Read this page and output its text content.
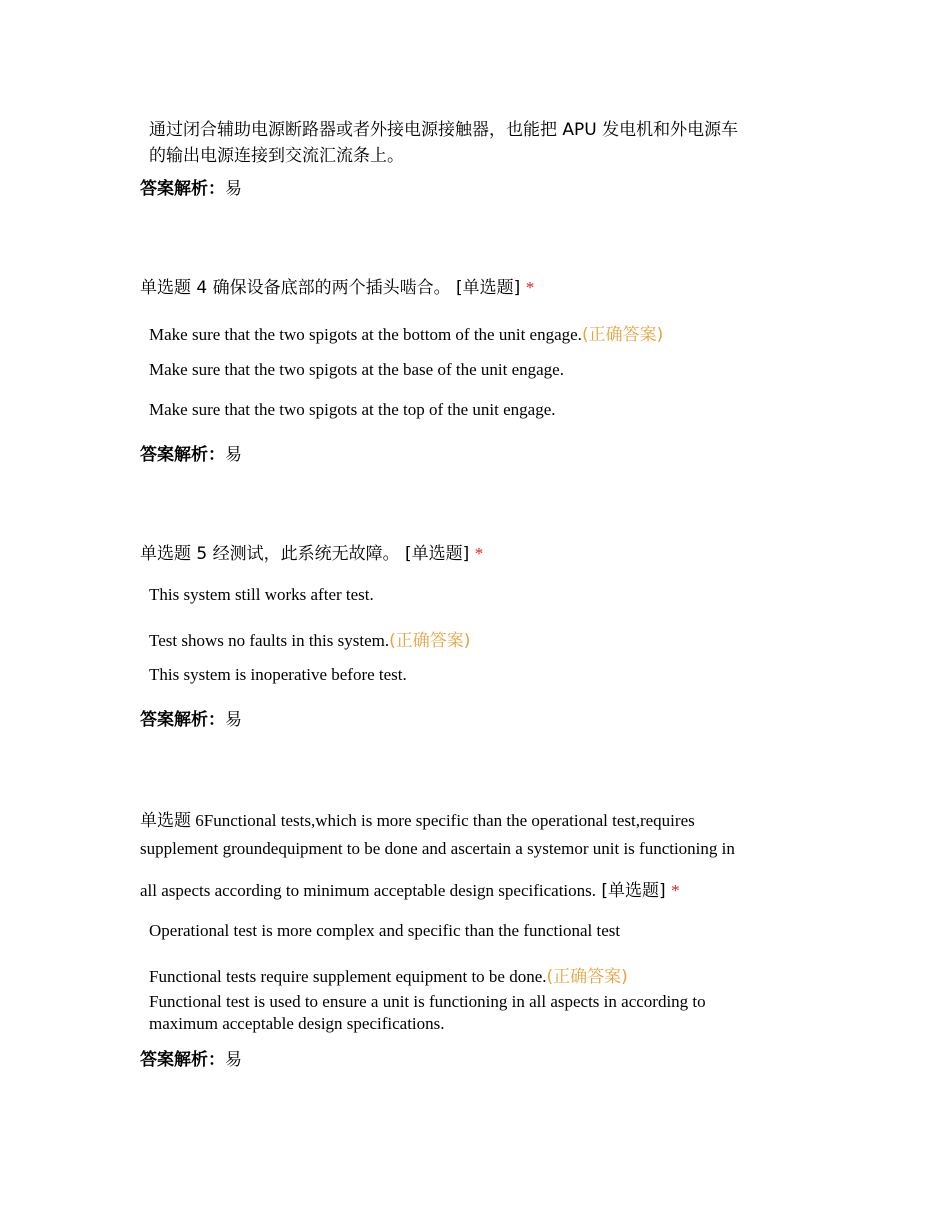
通过闭合辅助电源断路器或者外接电源接触器，也能把 APU 发电机和外电源车
的输出电源连接到交流汇流条上。
答案解析：易
单选题 4 确保设备底部的两个插头啮合。 [单选题] *
Make sure that the two spigots at the bottom of the unit engage.(正确答案)
Make sure that the two spigots at the base of the unit engage.
Make sure that the two spigots at the top of the unit engage.
答案解析：易
单选题 5 经测试，此系统无故障。 [单选题] *
This system still works after test.
Test shows no faults in this system.(正确答案)
This system is inoperative before test.
答案解析：易
单选题 6Functional tests,which is more specific than the operational test,requires
supplement groundequipment to be done and ascertain a systemor unit is functioning in
all aspects according to minimum acceptable design specifications. [单选题] *
Operational test is more complex and specific than the functional test
Functional tests require supplement equipment to be done.(正确答案)
Functional test is used to ensure a unit is functioning in all aspects in according to
maximum acceptable design specifications.
答案解析：易
